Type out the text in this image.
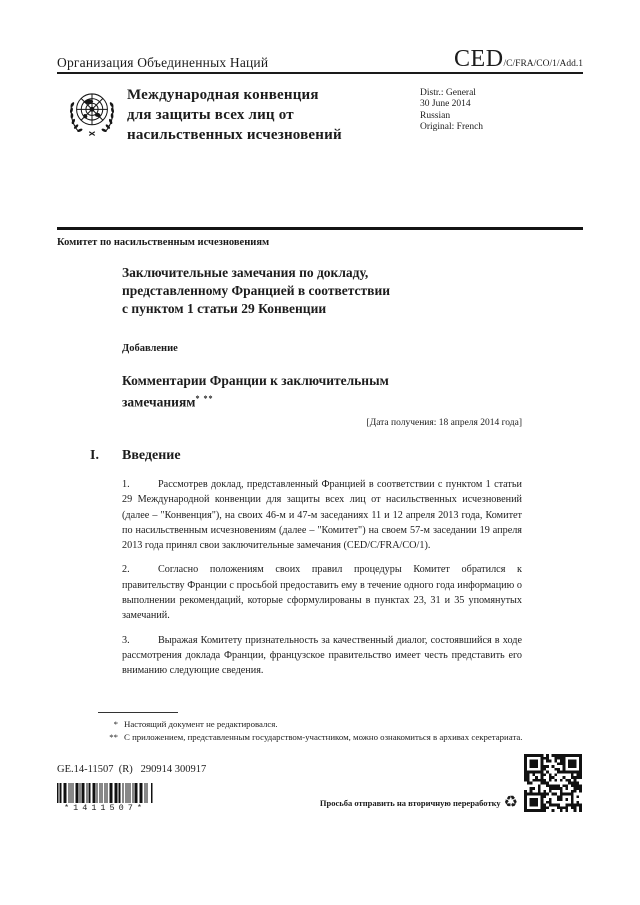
Организация Объединенных Наций	CED/C/FRA/CO/1/Add.1
Международная конвенция
для защиты всех лиц от
насильственных исчезновений
Distr.: General
30 June 2014
Russian
Original: French
Комитет по насильственным исчезновениям
Заключительные замечания по докладу,
представленному Францией в соответствии
с пунктом 1 статьи 29 Конвенции
Добавление
Комментарии Франции к заключительным
замечаниям* **
[Дата получения: 18 апреля 2014 года]
I. Введение

1.	Рассмотрев доклад, представленный Францией в соответствии с пунктом 1 статьи 29 Международной конвенции для защиты всех лиц от насильственных исчезновений (далее – "Конвенция"), на своих 46-м и 47-м заседаниях 11 и 12 апреля 2013 года, Комитет по насильственным исчезновениям (далее – "Комитет") на своем 57-м заседании 19 апреля 2013 года принял свои заключительные замечания (CED/C/FRA/CO/1).

2.	Согласно положениям своих правил процедуры Комитет обратился к правительству Франции с просьбой предоставить ему в течение одного года информацию о выполнении рекомендаций, которые сформулированы в пунктах 23, 31 и 35 упомянутых замечаний.

3.	Выражая Комитету признательность за качественный диалог, состоявшийся в ходе рассмотрения доклада Франции, французское правительство имеет честь представить его вниманию следующие сведения.

* Настоящий документ не редактировался.
** С приложением, представленным государством-участником, можно ознакомиться в архивах секретариата.
GE.14-11507  (R)   290914 300917
*1411507*	Просьба отправить на вторичную переработку ♻
